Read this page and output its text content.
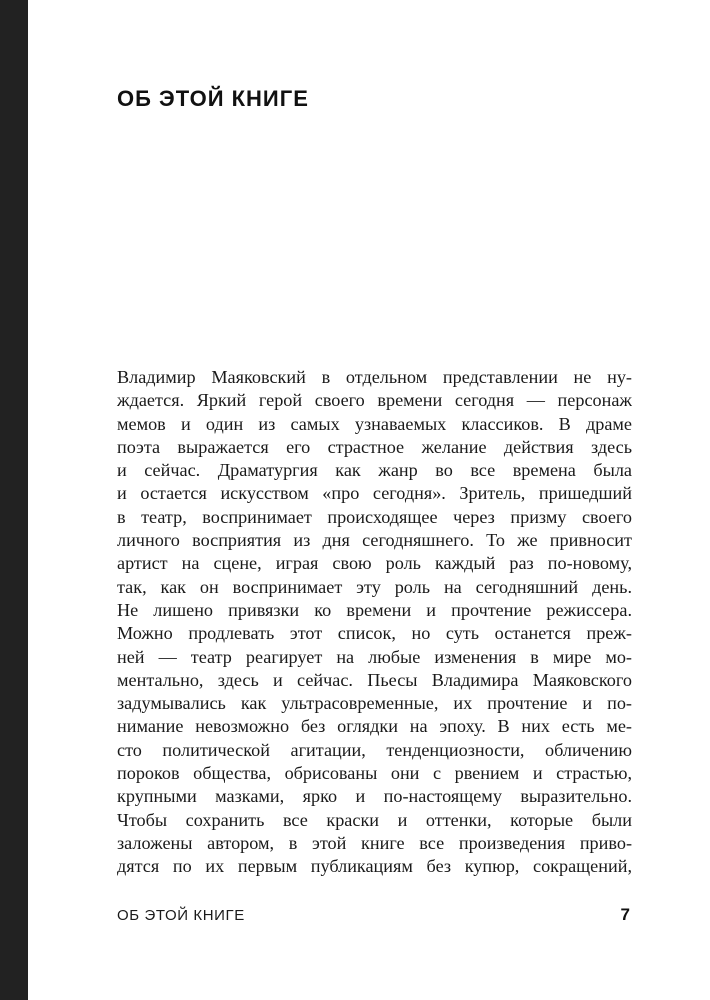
ОБ ЭТОЙ КНИГЕ
Владимир Маяковский в отдельном представлении не ну-
ждается. Яркий герой своего времени сегодня — персонаж
мемов и один из самых узнаваемых классиков. В драме
поэта выражается его страстное желание действия здесь
и сейчас. Драматургия как жанр во все времена была
и остается искусством «про сегодня». Зритель, пришедший
в театр, воспринимает происходящее через призму своего
личного восприятия из дня сегодняшнего. То же привносит
артист на сцене, играя свою роль каждый раз по-новому,
так, как он воспринимает эту роль на сегодняшний день.
Не лишено привязки ко времени и прочтение режиссера.
Можно продлевать этот список, но суть останется преж-
ней — театр реагирует на любые изменения в мире мо-
ментально, здесь и сейчас. Пьесы Владимира Маяковского
задумывались как ультрасовременные, их прочтение и по-
нимание невозможно без оглядки на эпоху. В них есть ме-
сто политической агитации, тенденциозности, обличению
пороков общества, обрисованы они с рвением и страстью,
крупными мазками, ярко и по-настоящему выразительно.
Чтобы сохранить все краски и оттенки, которые были
заложены автором, в этой книге все произведения приво-
дятся по их первым публикациям без купюр, сокращений,
ОБ ЭТОЙ КНИГЕ	7
